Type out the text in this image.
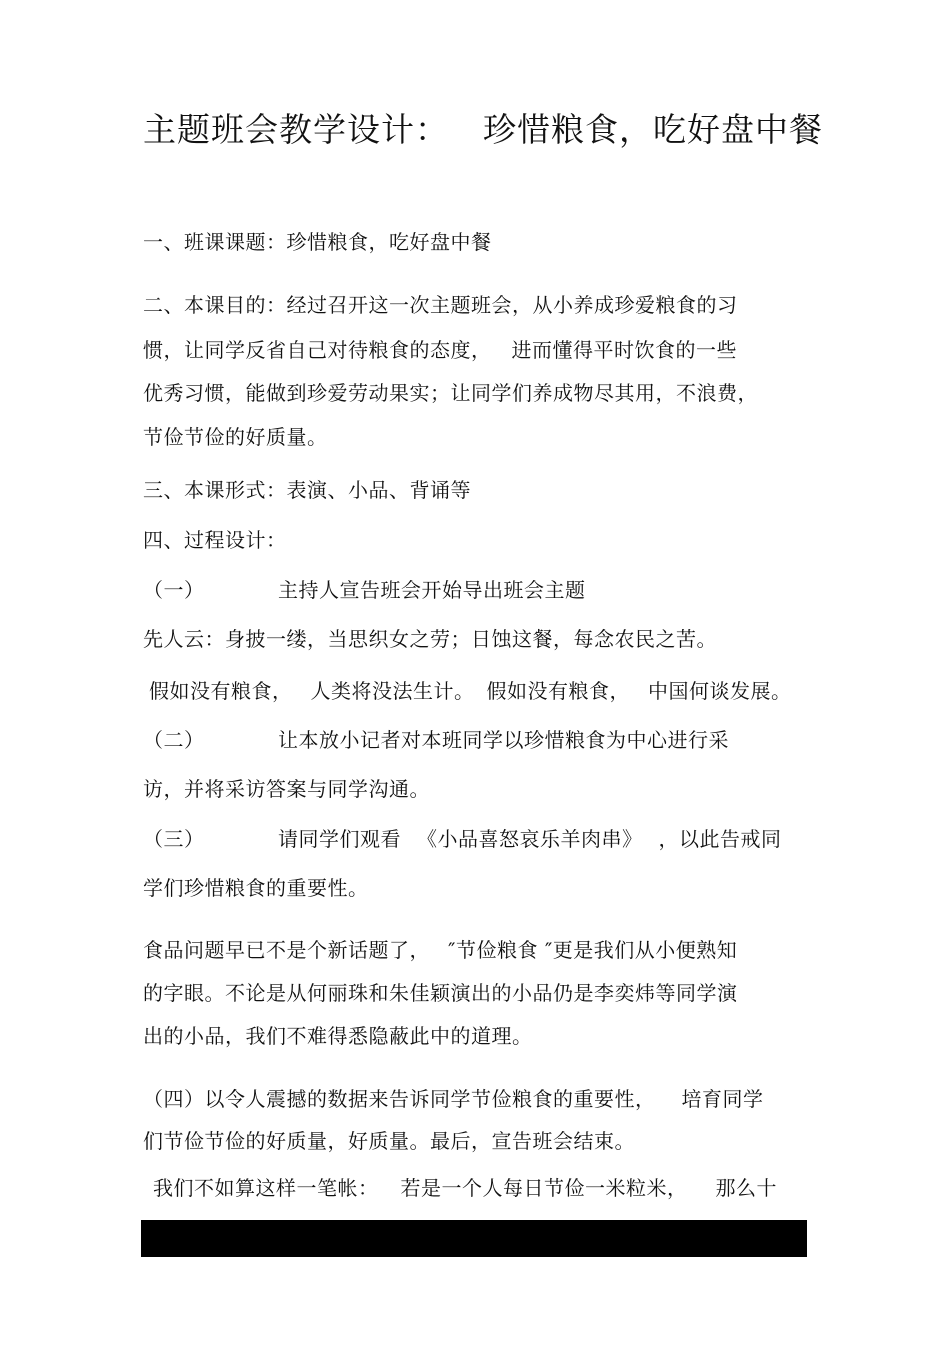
主题班会教学设计： 珍惜粮食，吃好盘中餐
一、班课课题：珍惜粮食，吃好盘中餐
二、本课目的：经过召开这一次主题班会，从小养成珍爱粮食的习
惯，让同学反省自己对待粮食的态度， 进而懂得平时饮食的一些
优秀习惯，能做到珍爱劳动果实；让同学们养成物尽其用，不浪费，
节俭节俭的好质量。
三、本课形式：表演、小品、背诵等
四、过程设计：
（一）	主持人宣告班会开始导出班会主题
先人云：身披一缕，当思织女之劳；日蚀这餐，每念农民之苦。
假如没有粮食， 人类将没法生计。 假如没有粮食， 中国何谈发展。
（二）	让本放小记者对本班同学以珍惜粮食为中心进行采
访，并将采访答案与同学沟通。
（三）	请同学们观看 《小品喜怒哀乐羊肉串》 ，以此告戒同
学们珍惜粮食的重要性。
食品问题早已不是个新话题了， ″节俭粮食 ″更是我们从小便熟知
的字眼。不论是从何丽珠和朱佳颖演出的小品仍是李奕炜等同学演
出的小品，我们不难得悉隐蔽此中的道理。
（四）以令人震撼的数据来告诉同学节俭粮食的重要性， 培育同学
们节俭节俭的好质量，好质量。最后，宣告班会结束。
我们不如算这样一笔帐： 若是一个人每日节俭一米粒米， 那么十
